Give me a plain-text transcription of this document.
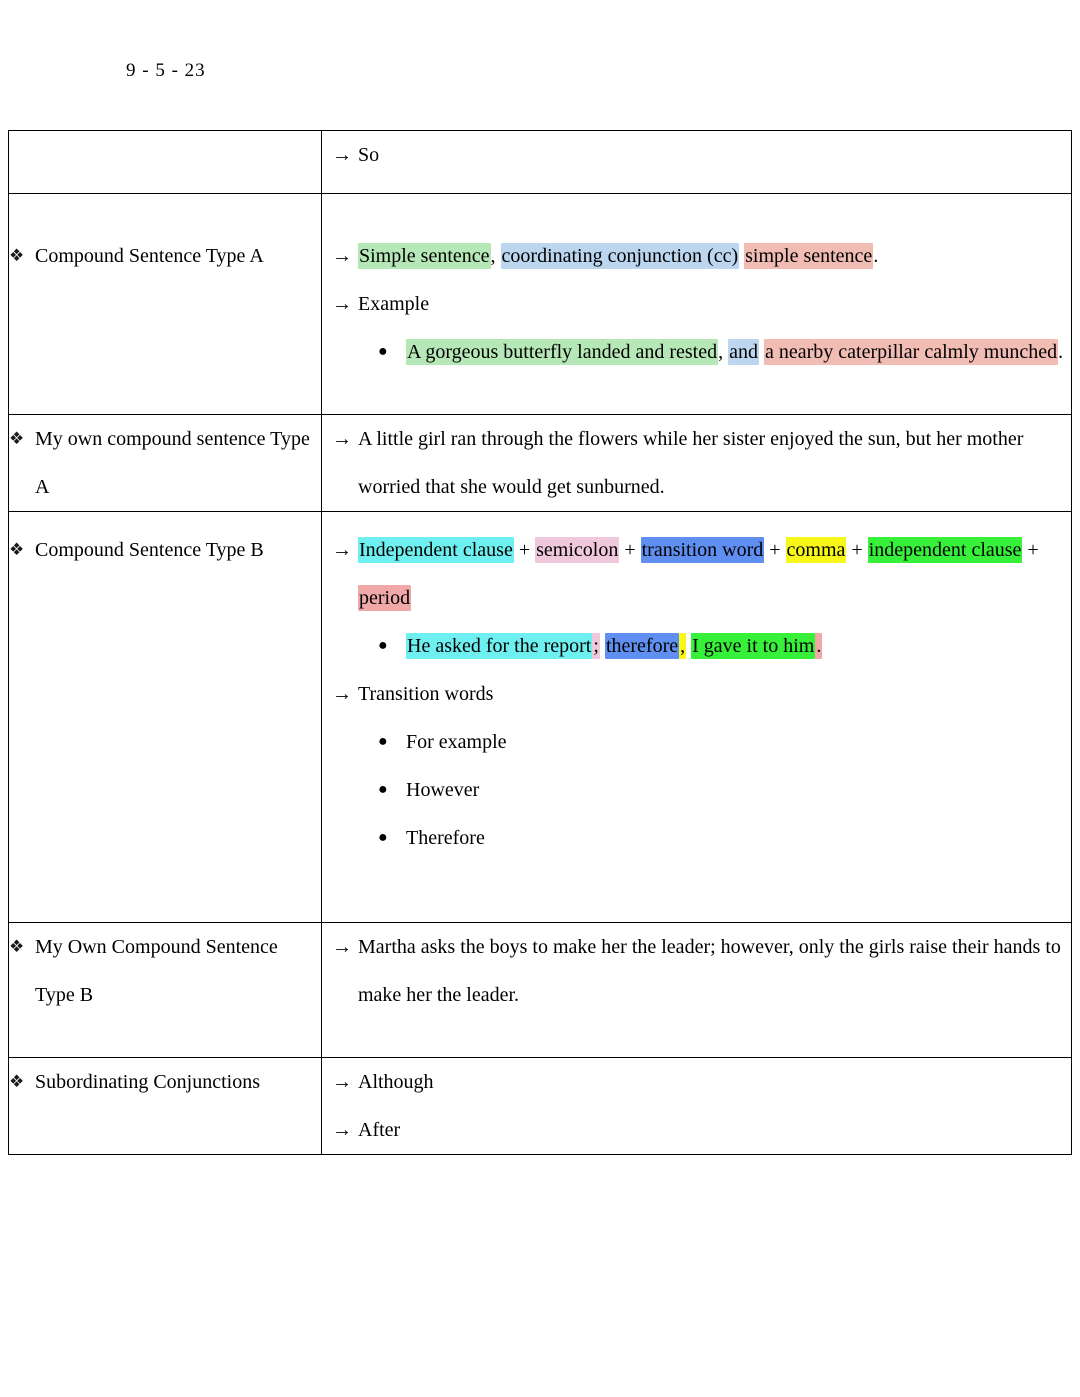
9 - 5 - 23

	→ So

❖ Compound Sentence Type A	→ Simple sentence, coordinating conjunction (cc) simple sentence.
→ Example
● A gorgeous butterfly landed and rested, and a nearby caterpillar calmly munched.

❖ My own compound sentence Type A	→ A little girl ran through the flowers while her sister enjoyed the sun, but her mother worried that she would get sunburned.

❖ Compound Sentence Type B	→ Independent clause + semicolon + transition word + comma + independent clause + period
● He asked for the report ; therefore , I gave it to him .
→ Transition words
● For example
● However
● Therefore

❖ My Own Compound Sentence Type B	→ Martha asks the boys to make her the leader; however, only the girls raise their hands to make her the leader.

❖ Subordinating Conjunctions	→ Although
→ After
